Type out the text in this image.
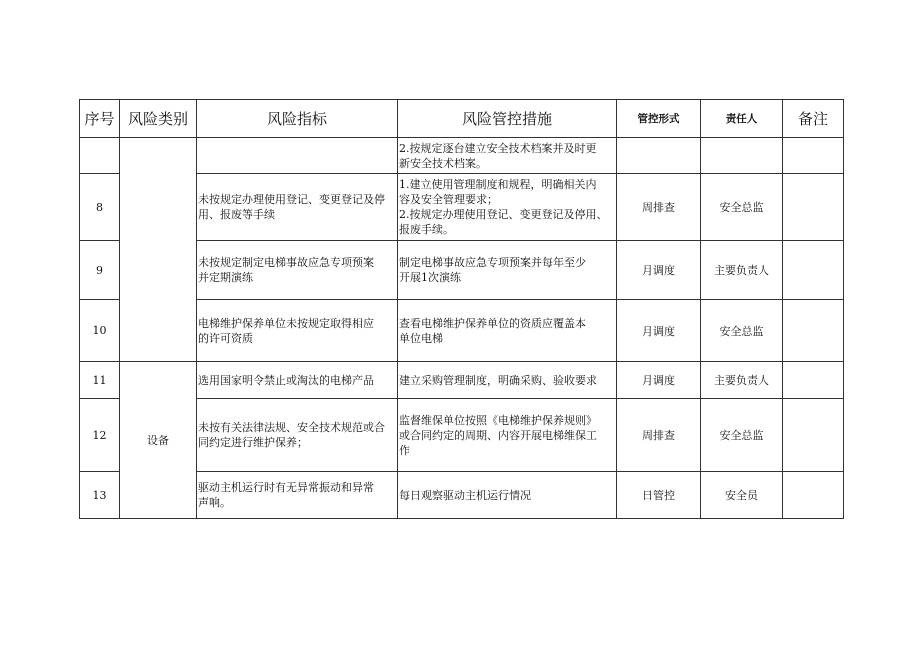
序号	风险类别	风险指标	风险管控措施	管控形式	责任人	备注

			2.按规定逐台建立安全技术档案并及时更
新安全技术档案。			

8		未按规定办理使用登记、变更登记及停
用、报废等手续	1.建立使用管理制度和规程，明确相关内
容及安全管理要求；
2.按规定办理使用登记、变更登记及停用、
报废手续。	周排查	安全总监	
9		未按规定制定电梯事故应急专项预案
并定期演练	制定电梯事故应急专项预案并每年至少
开展1次演练	月调度	主要负责人	
10		电梯维护保养单位未按规定取得相应
的许可资质	查看电梯维护保养单位的资质应覆盖本
单位电梯	月调度	安全总监	
11	设备	选用国家明令禁止或淘汰的电梯产品	建立采购管理制度，明确采购、验收要求	月调度	主要负责人	
12		未按有关法律法规、安全技术规范或合
同约定进行维护保养；	监督维保单位按照《电梯维护保养规则》
或合同约定的周期、内容开展电梯维保工
作	周排查	安全总监	
13		驱动主机运行时有无异常振动和异常
声响。	每日观察驱动主机运行情况	日管控	安全员	
